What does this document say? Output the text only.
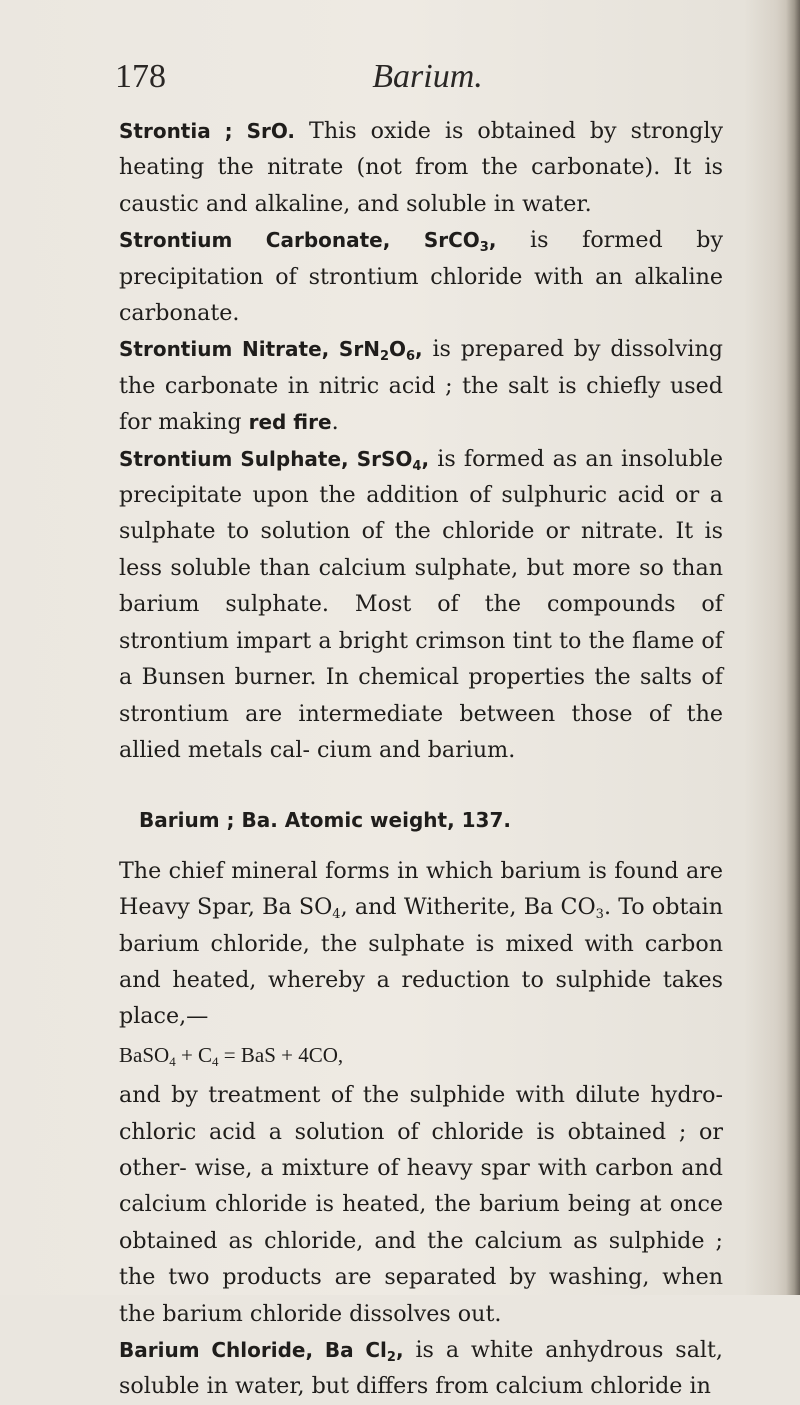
178	Barium.

Strontia ; SrO. This oxide is obtained by strongly heating the nitrate (not from the carbonate). It is caustic and alkaline, and soluble in water.

Strontium Carbonate, SrCO$_3$, is formed by precipitation of strontium chloride with an alkaline carbonate.

Strontium Nitrate, $SrN_2O_6$, is prepared by dissolving the carbonate in nitric acid ; the salt is chiefly used for making red fire.

Strontium Sulphate, SrSO$_4$, is formed as an insoluble precipitate upon the addition of sulphuric acid or a sulphate to solution of the chloride or nitrate. It is less soluble than calcium sulphate, but more so than barium sulphate. Most of the compounds of strontium impart a bright crimson tint to the flame of a Bunsen burner. In chemical properties the salts of strontium are intermediate between those of the allied metals cal- cium and barium.

Barium ; Ba. Atomic weight, 137.

The chief mineral forms in which barium is found are Heavy Spar, Ba $SO_4$, and Witherite, Ba $CO_3$. To obtain barium chloride, the sulphate is mixed with carbon and heated, whereby a reduction to sulphide takes place,—

BaSO$_4$ + $C_4$ = BaS + 4CO,

and by treatment of the sulphide with dilute hydro- chloric acid a solution of chloride is obtained ; or other- wise, a mixture of heavy spar with carbon and calcium chloride is heated, the barium being at once obtained as chloride, and the calcium as sulphide ; the two products are separated by washing, when the barium chloride dissolves out.

Barium Chloride, Ba $Cl_2$, is a white anhydrous salt, soluble in water, but differs from calcium chloride in
